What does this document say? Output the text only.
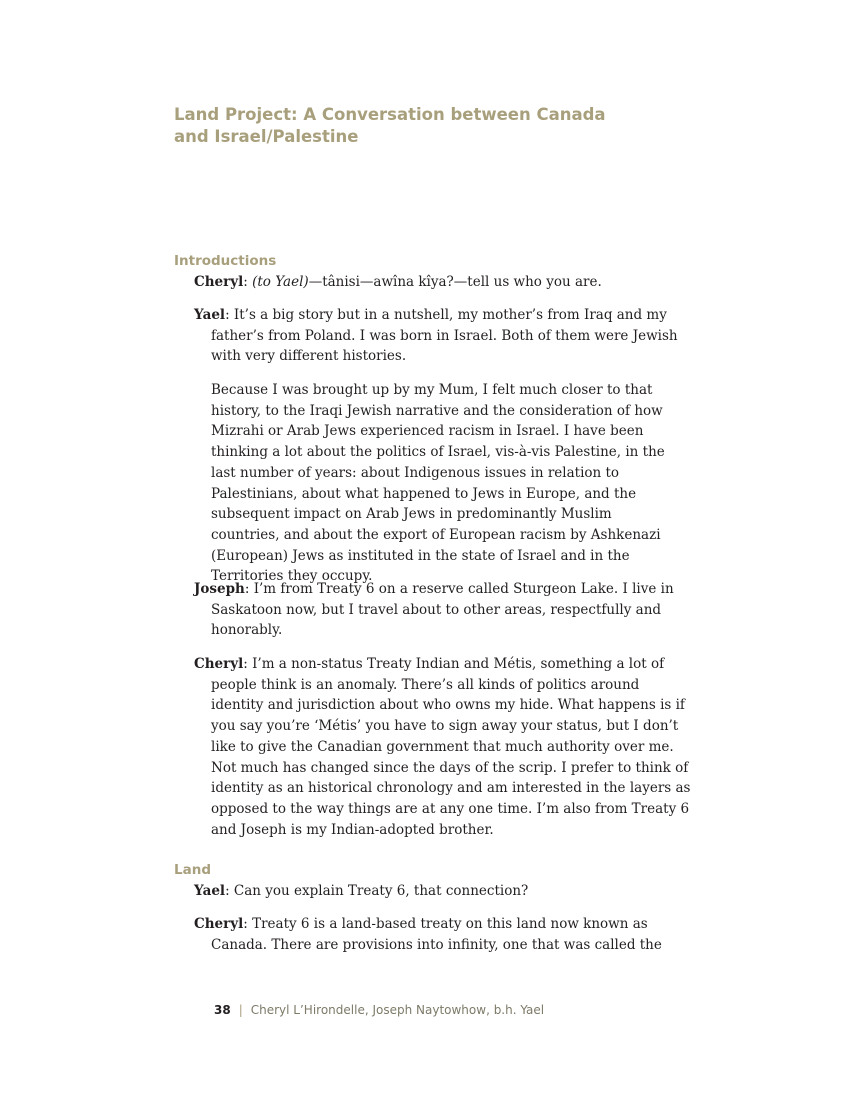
Land Project: A Conversation between Canada and Israel/Palestine
Introductions

Cheryl: (to Yael)—tânisi—awîna kîya?—tell us who you are.

Yael: It’s a big story but in a nutshell, my mother’s from Iraq and my father’s from Poland. I was born in Israel. Both of them were Jewish with very different histories.

Because I was brought up by my Mum, I felt much closer to that history, to the Iraqi Jewish narrative and the consideration of how Mizrahi or Arab Jews experienced racism in Israel. I have been thinking a lot about the politics of Israel, vis-à-vis Palestine, in the last number of years: about Indigenous issues in relation to Palestinians, about what happened to Jews in Europe, and the subsequent impact on Arab Jews in predominantly Muslim countries, and about the export of European racism by Ashkenazi (European) Jews as instituted in the state of Israel and in the Territories they occupy.

Joseph: I’m from Treaty 6 on a reserve called Sturgeon Lake. I live in Saskatoon now, but I travel about to other areas, respectfully and honorably.

Cheryl: I’m a non-status Treaty Indian and Métis, something a lot of people think is an anomaly. There’s all kinds of politics around identity and jurisdiction about who owns my hide. What happens is if you say you’re ‘Métis’ you have to sign away your status, but I don’t like to give the Canadian government that much authority over me. Not much has changed since the days of the scrip. I prefer to think of identity as an historical chronology and am interested in the layers as opposed to the way things are at any one time. I’m also from Treaty 6 and Joseph is my Indian-adopted brother.

Land

Yael: Can you explain Treaty 6, that connection?

Cheryl: Treaty 6 is a land-based treaty on this land now known as Canada. There are provisions into infinity, one that was called the

38 | Cheryl L’Hirondelle, Joseph Naytowhow, b.h. Yael
